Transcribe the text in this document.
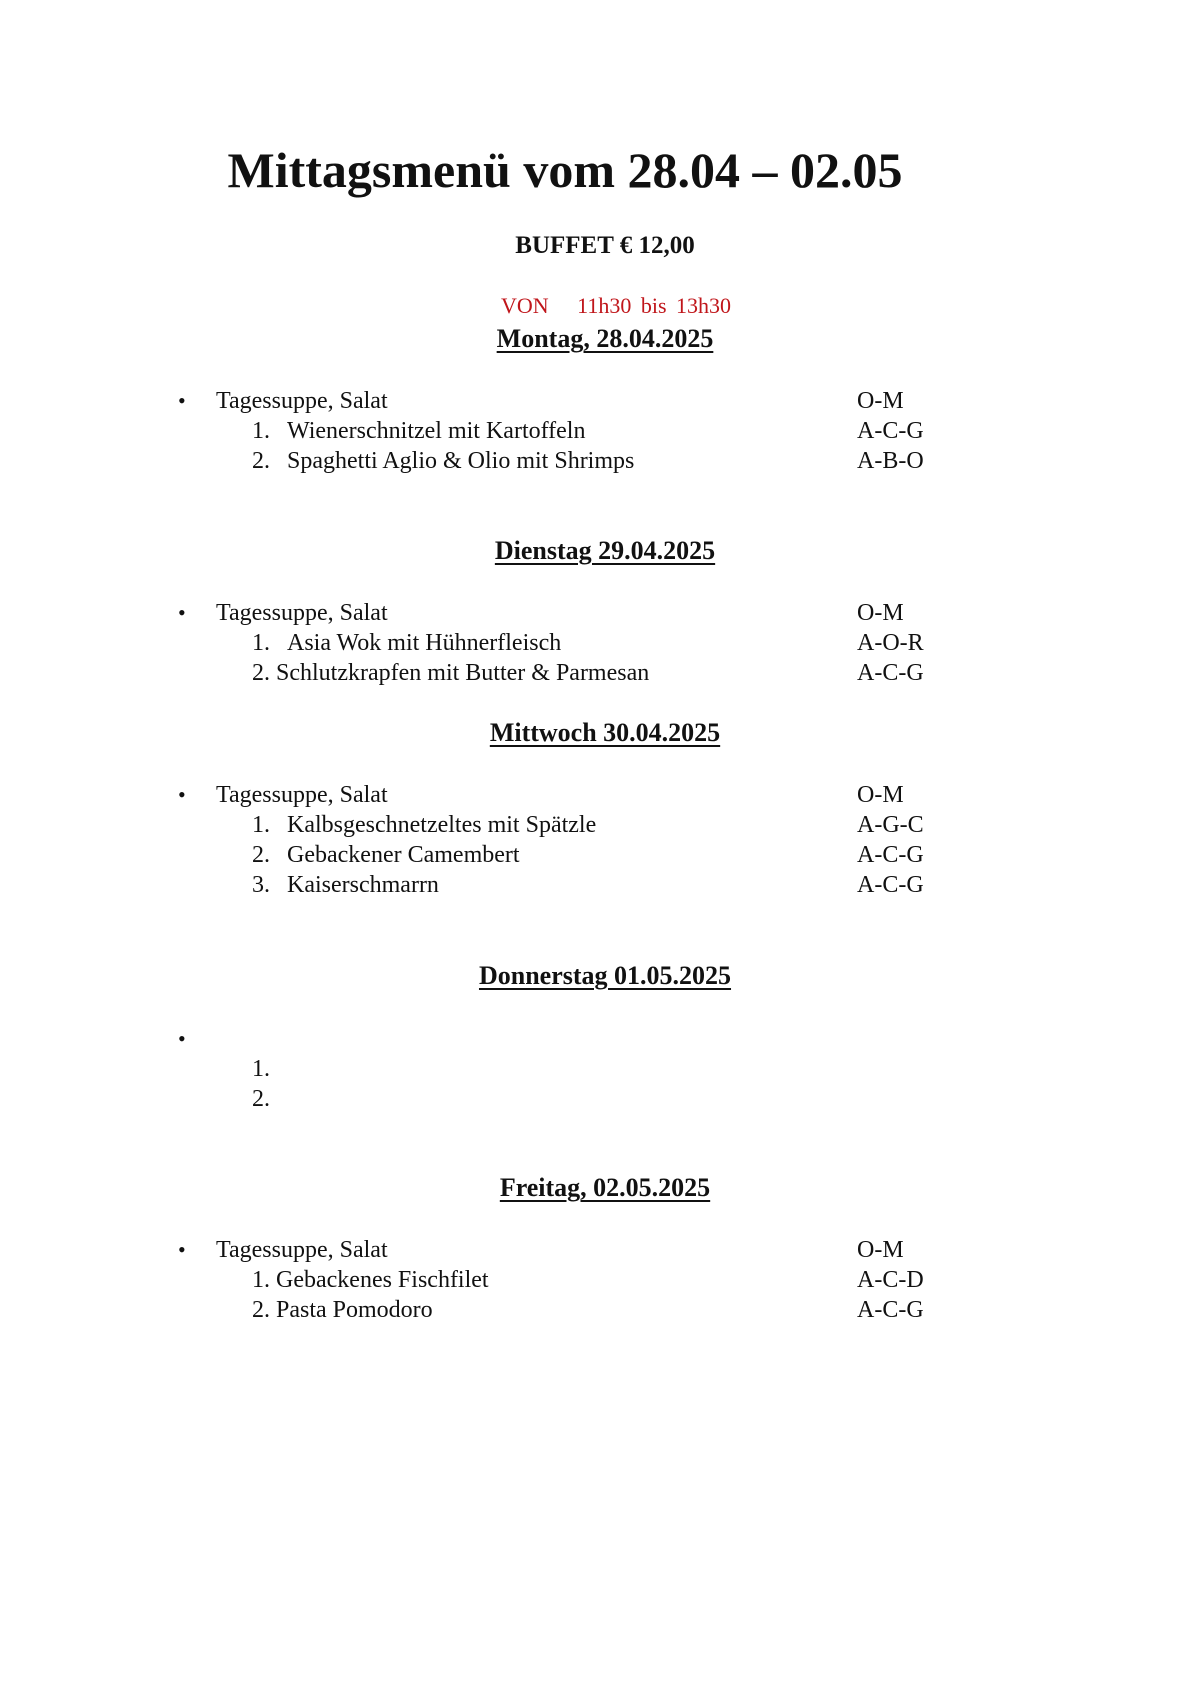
Mittagsmenü vom 28.04 – 02.05
BUFFET € 12,00
VON   11h30 bis 13h30
Montag, 28.04.2025
• Tagessuppe, Salat	O-M
1. Wienerschnitzel mit Kartoffeln	A-C-G
2. Spaghetti Aglio & Olio mit Shrimps	A-B-O
Dienstag 29.04.2025
• Tagessuppe, Salat	O-M
1. Asia Wok mit Hühnerfleisch	A-O-R
2. Schlutzkrapfen mit Butter & Parmesan	A-C-G
Mittwoch 30.04.2025
• Tagessuppe, Salat	O-M
1. Kalbsgeschnetzeltes mit Spätzle	A-G-C
2. Gebackener Camembert	A-C-G
3. Kaiserschmarrn	A-C-G
Donnerstag 01.05.2025
•
1.
2.
Freitag, 02.05.2025
• Tagessuppe, Salat	O-M
1. Gebackenes Fischfilet	A-C-D
2. Pasta Pomodoro	A-C-G
